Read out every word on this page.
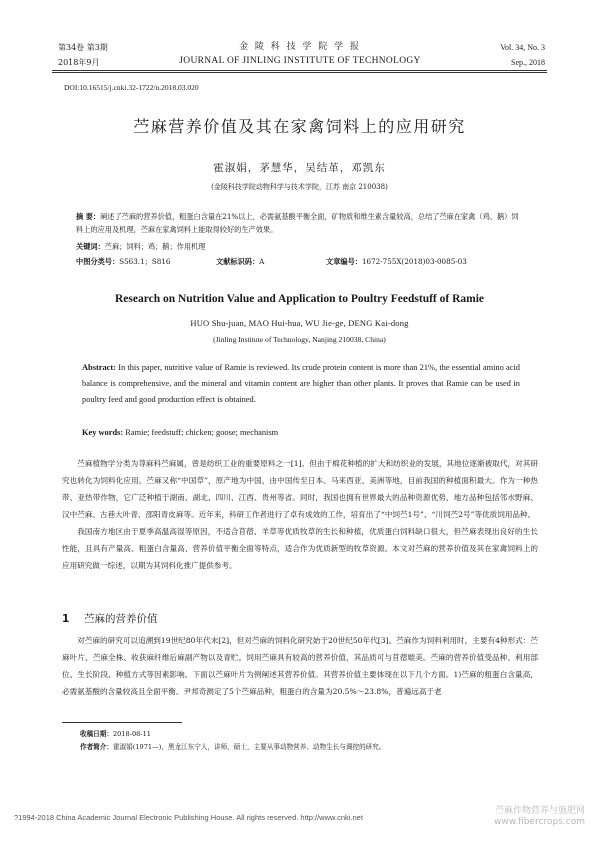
第34卷 第3期
2018年9月
金 陵 科 技 学 院 学 报
JOURNAL OF JINLING INSTITUTE OF TECHNOLOGY
Vol. 34, No. 3
Sep., 2018
DOI:10.16515/j.cnki.32-1722/n.2018.03.020
苎麻营养价值及其在家禽饲料上的应用研究
霍淑娟，茅慧华，吴结革，邓凯东
(金陵科技学院动物科学与技术学院，江苏 南京 210038)
摘 要：阐述了苎麻的营养价值，粗蛋白含量在21%以上，必需氨基酸平衡全面，矿物质和维生素含量较高，总结了苎麻在家禽（鸡、鹅）饲料上的应用及机理，苎麻在家禽饲料上能取得较好的生产效果。
关键词：苎麻；饲料；鸡；鹅；作用机理
中图分类号：S563.1；S816	文献标识码：A	文章编号：1672-755X(2018)03-0085-03
Research on Nutrition Value and Application to Poultry Feedstuff of Ramie
HUO Shu-juan, MAO Hui-hua, WU Jie-ge, DENG Kai-dong
(Jinling Institute of Technology, Nanjing 210038, China)
Abstract: In this paper, nutritive value of Ramie is reviewed. Its crude protein content is more than 21%, the essential amino acid balance is comprehensive, and the mineral and vitamin content are higher than other plants. It proves that Ramie can be used in poultry feed and good production effect is obtained.
Key words: Ramie; feedstuff; chicken; goose; mechanism

苎麻植物学分类为荨麻科苎麻属，曾是纺织工业的重要原料之一[1]。但由于棉花种植的扩大和纺织业的发展，其地位逐渐被取代，对其研究也转化为饲料化应用。苎麻又称“中国草”，原产地为中国，由中国传至日本、马来西亚、美洲等地，目前我国的种植面积最大。作为一种热带、亚热带作物，它广泛种植于湖南、湖北、四川、江西、贵州等省。同时，我国也拥有世界最大的品种资源优势，地方品种包括邻水野麻、汉中苎麻、古巷大叶青、邵阳青皮麻等。近年来，科研工作者进行了卓有成效的工作，培育出了“中饲苎1号”、“川饲苎2号”等优质饲用品种。

我国南方地区由于夏季高温高湿等原因，不适合苜蓿、羊草等优质牧草的生长和种植，优质蛋白饲料缺口很大，但苎麻表现出良好的生长性能，且具有产量高、粗蛋白含量高、营养价值平衡全面等特点，适合作为优质新型的牧草资源。本文对苎麻的营养价值及其在家禽饲料上的应用研究做一综述，以期为其饲料化推广提供参考。

1 苎麻的营养价值

对苎麻的研究可以追溯到19世纪80年代末[2]，但对苎麻的饲料化研究始于20世纪50年代[3]。苎麻作为饲料利用时，主要有4种形式：苎麻叶片、苎麻全株、收获麻纤维后麻副产物以及青贮。饲用苎麻具有较高的营养价值，其品质可与苜蓿媲美。苎麻的营养价值受品种、利用部位、生长阶段、种植方式等因素影响。下面以苎麻叶片为例阐述其营养价值。其营养价值主要体现在以下几个方面。1)苎麻的粗蛋白含量高，必需氨基酸的含量较高且全面平衡。尹邦奇测定了5个苎麻品种，粗蛋白的含量为20.5%～23.8%，普遍远高于老

收稿日期：2018-08-11
作者简介：霍淑娟(1971—)，黑龙江东宁人，讲师，硕士，主要从事动物营养、动物生长与调控的研究。
?1994-2018 China Academic Journal Electronic Publishing House. All rights reserved. http://www.cnki.net
苎麻作物营养与施肥网
www.fibercrops.com
